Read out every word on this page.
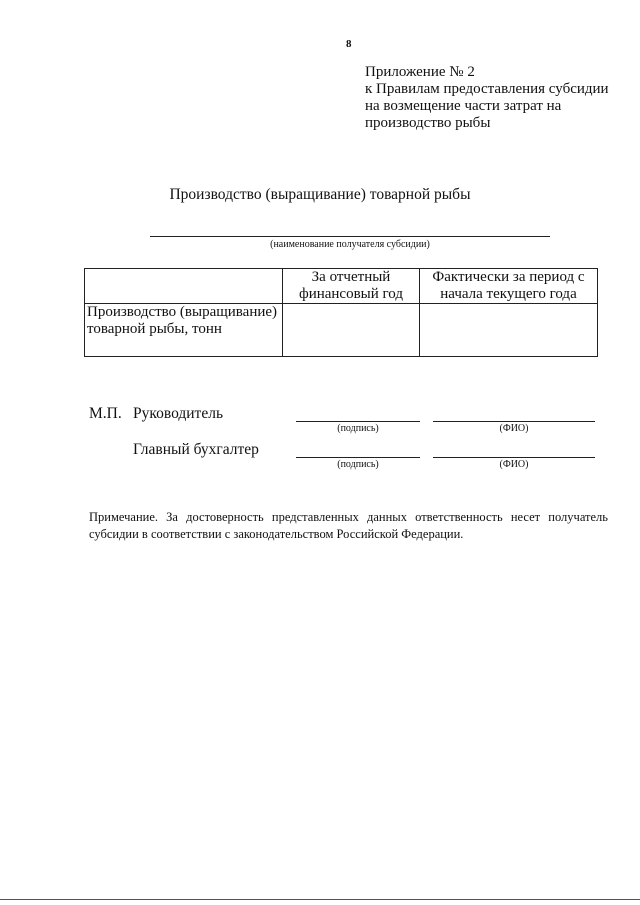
8
Приложение № 2
к Правилам предоставления субсидии
на возмещение части затрат на
производство рыбы
Производство (выращивание) товарной рыбы
(наименование получателя субсидии)
	За отчетный финансовый год	Фактически за период с начала текущего года
Производство (выращивание) товарной рыбы, тонн		
М.П. Руководитель
(подпись)	(ФИО)
Главный бухгалтер
(подпись)	(ФИО)
Примечание. За достоверность представленных данных ответственность несет получатель субсидии в соответствии с законодательством Российской Федерации.
